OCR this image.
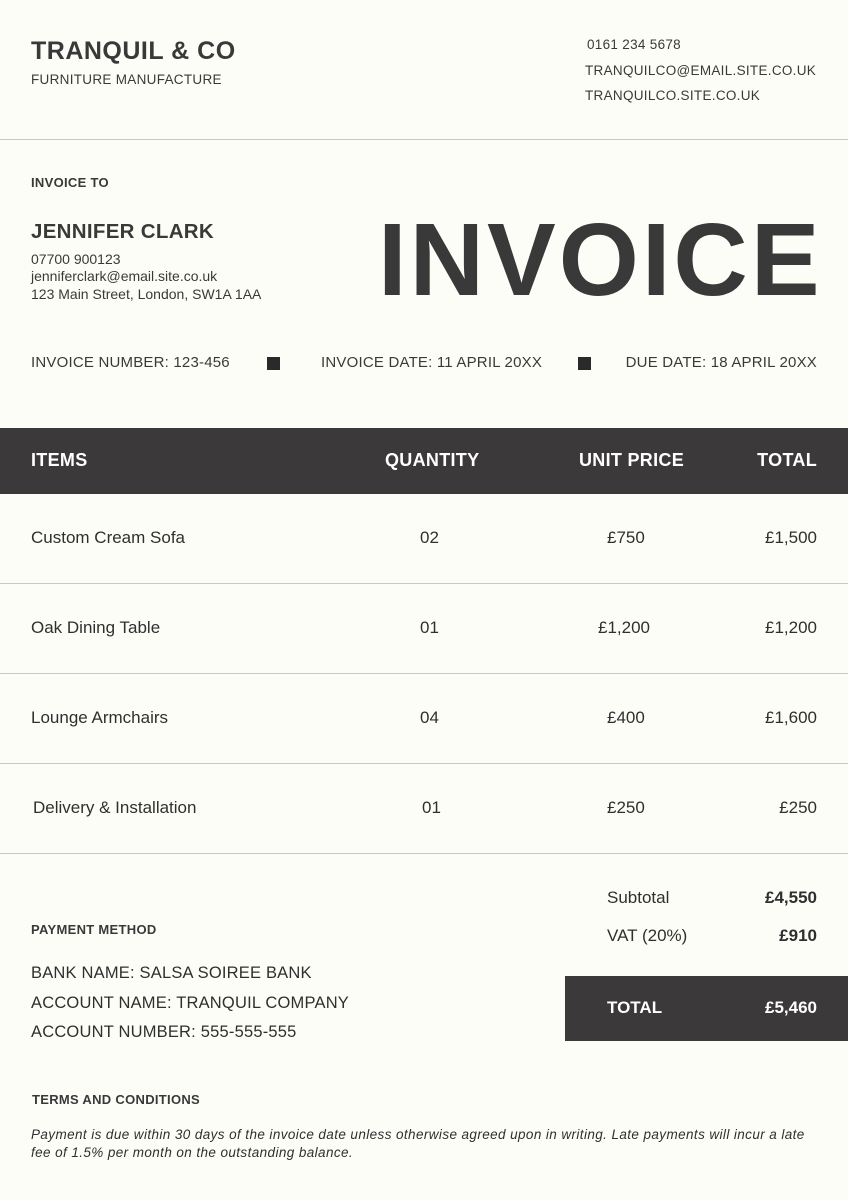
TRANQUIL & CO
FURNITURE MANUFACTURE
0161 234 5678
TRANQUILCO@EMAIL.SITE.CO.UK
TRANQUILCO.SITE.CO.UK
INVOICE TO
JENNIFER CLARK
07700 900123
jenniferclark@email.site.co.uk
123 Main Street, London, SW1A 1AA INVOICE
INVOICE NUMBER: 123-456	INVOICE DATE: 11 APRIL 20XX	DUE DATE: 18 APRIL 20XX
ITEMS	QUANTITY	UNIT PRICE	TOTAL
Custom Cream Sofa	02	£750	£1,500
Oak Dining Table	01	£1,200	£1,200
Lounge Armchairs	04	£400	£1,600
Delivery & Installation	01	£250	£250
Subtotal	£4,550
VAT (20%)	£910
TOTAL	£5,460
PAYMENT METHOD
BANK NAME: SALSA SOIREE BANK
ACCOUNT NAME: TRANQUIL COMPANY
ACCOUNT NUMBER: 555-555-555
TERMS AND CONDITIONS
Payment is due within 30 days of the invoice date unless otherwise agreed upon in writing. Late payments will incur a late fee of 1.5% per month on the outstanding balance.
